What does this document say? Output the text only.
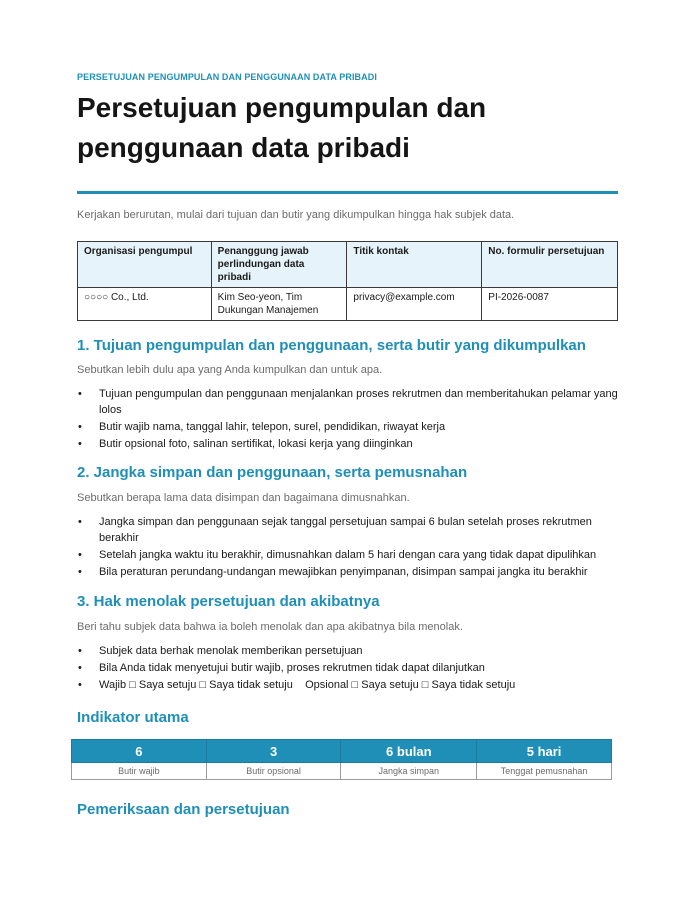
PERSETUJUAN PENGUMPULAN DAN PENGGUNAAN DATA PRIBADI
Persetujuan pengumpulan dan penggunaan data pribadi

Kerjakan berurutan, mulai dari tujuan dan butir yang dikumpulkan hingga hak subjek data.

Organisasi pengumpul	Penanggung jawab perlindungan data pribadi	Titik kontak	No. formulir persetujuan
○○○○ Co., Ltd.	Kim Seo-yeon, Tim Dukungan Manajemen	privacy@example.com	PI-2026-0087
1. Tujuan pengumpulan dan penggunaan, serta butir yang dikumpulkan

Sebutkan lebih dulu apa yang Anda kumpulkan dan untuk apa.

• Tujuan pengumpulan dan penggunaan menjalankan proses rekrutmen dan memberitahukan pelamar yang lolos
• Butir wajib nama, tanggal lahir, telepon, surel, pendidikan, riwayat kerja
• Butir opsional foto, salinan sertifikat, lokasi kerja yang diinginkan
2. Jangka simpan dan penggunaan, serta pemusnahan

Sebutkan berapa lama data disimpan dan bagaimana dimusnahkan.

• Jangka simpan dan penggunaan sejak tanggal persetujuan sampai 6 bulan setelah proses rekrutmen berakhir
• Setelah jangka waktu itu berakhir, dimusnahkan dalam 5 hari dengan cara yang tidak dapat dipulihkan
• Bila peraturan perundang-undangan mewajibkan penyimpanan, disimpan sampai jangka itu berakhir
3. Hak menolak persetujuan dan akibatnya

Beri tahu subjek data bahwa ia boleh menolak dan apa akibatnya bila menolak.

• Subjek data berhak menolak memberikan persetujuan
• Bila Anda tidak menyetujui butir wajib, proses rekrutmen tidak dapat dilanjutkan
• Wajib □ Saya setuju □ Saya tidak setuju    Opsional □ Saya setuju □ Saya tidak setuju
Indikator utama
6	3	6 bulan	5 hari
Butir wajib	Butir opsional	Jangka simpan	Tenggat pemusnahan
Pemeriksaan dan persetujuan
